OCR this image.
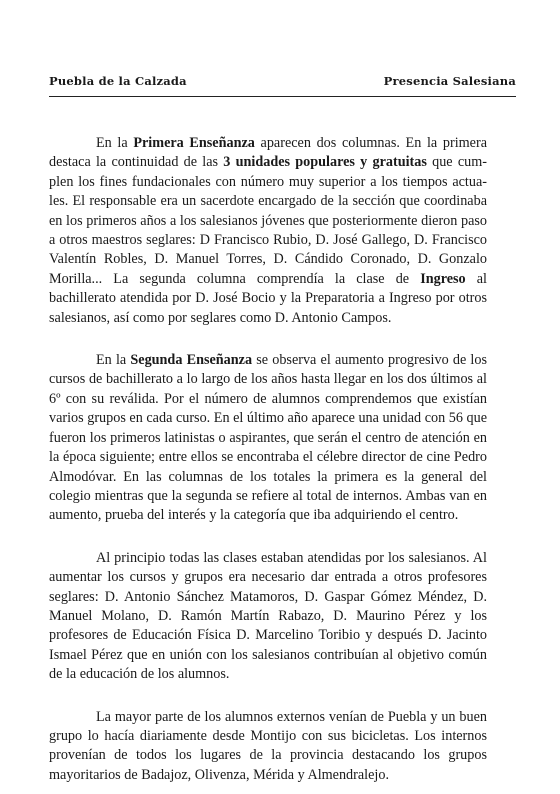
Puebla de la Calzada	Presencia Salesiana

En la Primera Enseñanza aparecen dos columnas. En la primera destaca la continuidad de las 3 unidades populares y gratuitas que cumplen los fines fundacionales con número muy superior a los tiempos actuales. El responsable era un sacerdote encargado de la sección que coordinaba en los primeros años a los salesianos jóvenes que posteriormente dieron paso a otros maestros seglares: D Francisco Rubio, D. José Gallego, D. Francisco Valentín Robles, D. Manuel Torres, D. Cándido Coronado, D. Gonzalo Morilla... La segunda columna comprendía la clase de Ingreso al bachillerato atendida por D. José Bocio y la Preparatoria a Ingreso por otros salesianos, así como por seglares como D. Antonio Campos.

En la Segunda Enseñanza se observa el aumento progresivo de los cursos de bachillerato a lo largo de los años hasta llegar en los dos últimos al 6º con su reválida. Por el número de alumnos comprendemos que existían varios grupos en cada curso. En el último año aparece una unidad con 56 que fueron los primeros latinistas o aspirantes, que serán el centro de atención en la época siguiente; entre ellos se encontraba el célebre director de cine Pedro Almodóvar. En las columnas de los totales la primera es la general del colegio mientras que la segunda se refiere al total de internos. Ambas van en aumento, prueba del interés y la categoría que iba adquiriendo el centro.

Al principio todas las clases estaban atendidas por los salesianos. Al aumentar los cursos y grupos era necesario dar entrada a otros profesores seglares: D. Antonio Sánchez Matamoros, D. Gaspar Gómez Méndez, D. Manuel Molano, D. Ramón Martín Rabazo, D. Maurino Pérez y los profesores de Educación Física D. Marcelino Toribio y después D. Jacinto Ismael Pérez que en unión con los salesianos contribuían al objetivo común de la educación de los alumnos.

La mayor parte de los alumnos externos venían de Puebla y un buen grupo lo hacía diariamente desde Montijo con sus bicicletas. Los internos provenían de todos los lugares de la provincia destacando los grupos mayoritarios de Badajoz, Olivenza, Mérida y Almendralejo.
